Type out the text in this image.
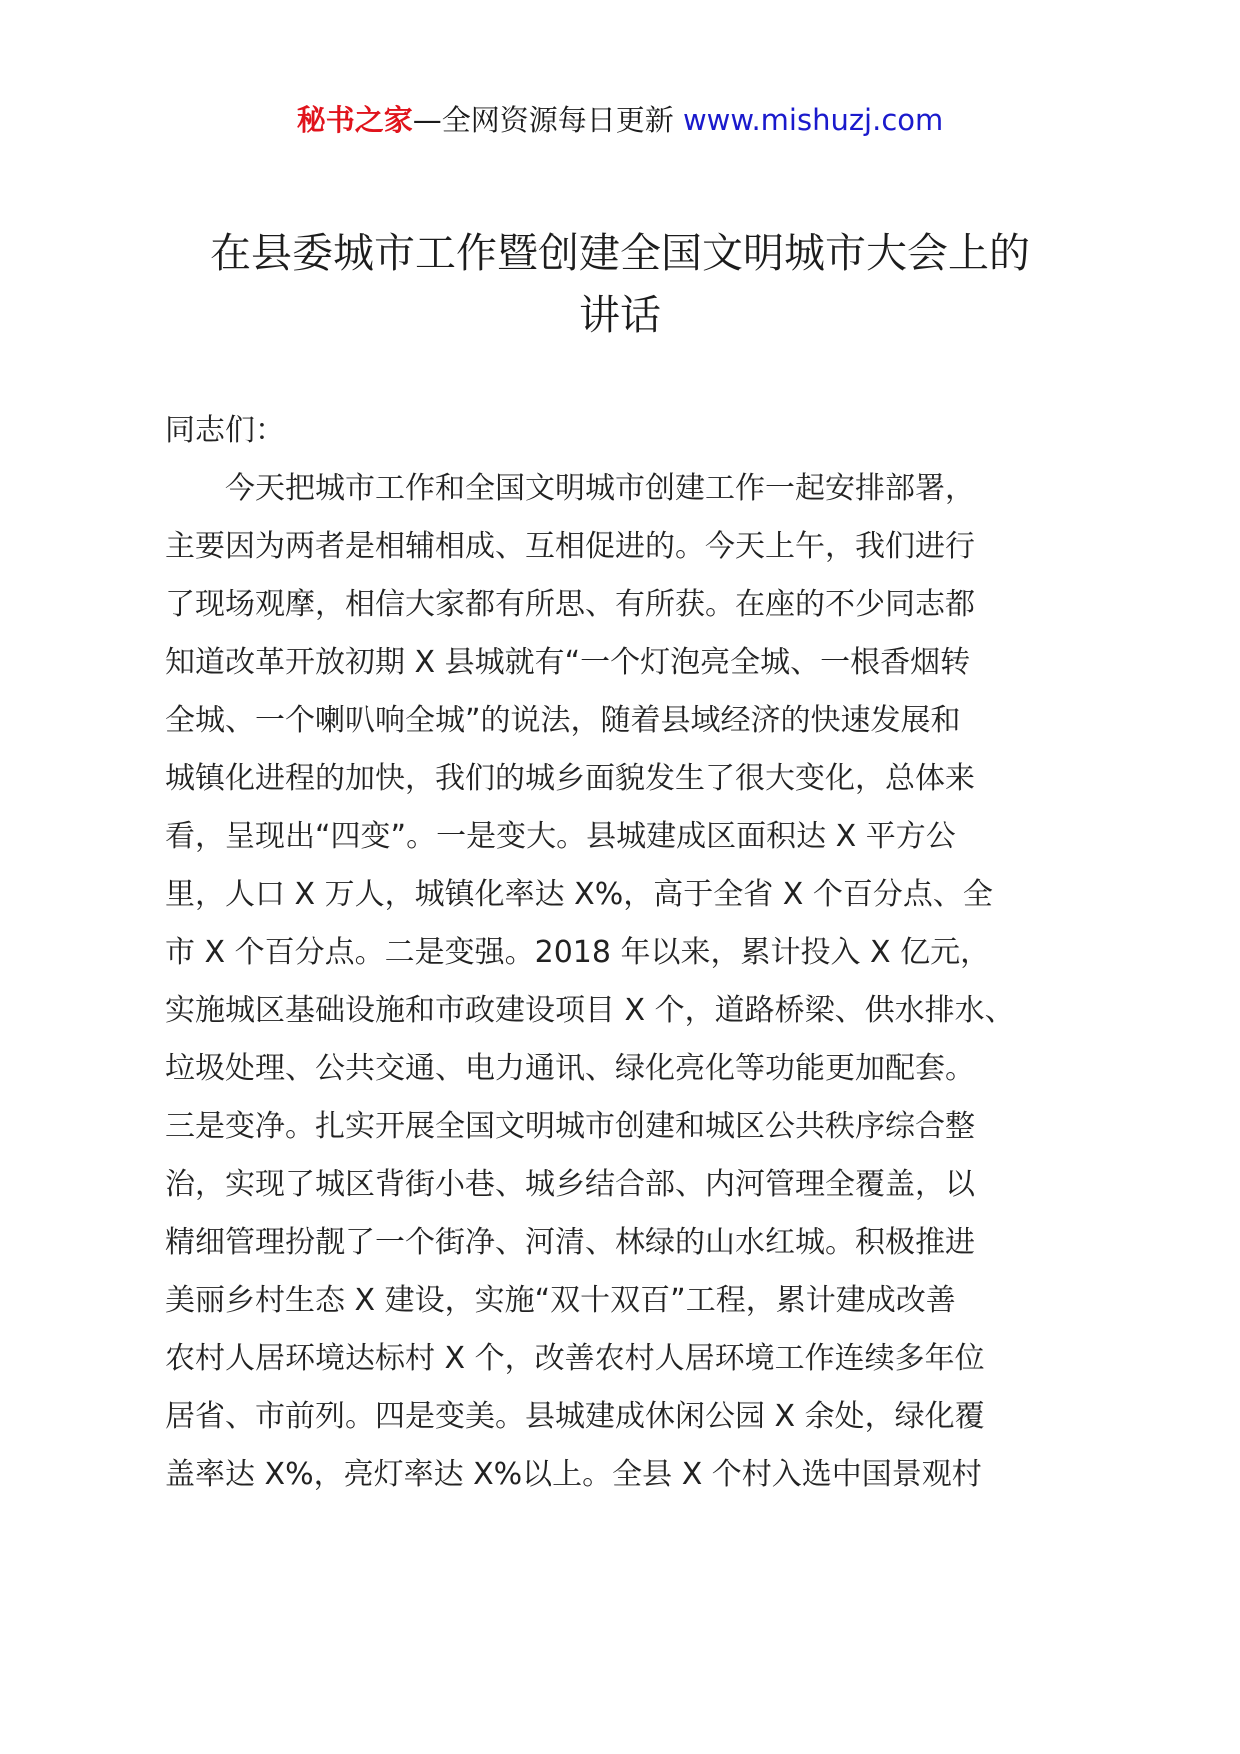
秘书之家—全网资源每日更新 www.mishuzj.com
在县委城市工作暨创建全国文明城市大会上的
讲话

同志们：

　　今天把城市工作和全国文明城市创建工作一起安排部署，
主要因为两者是相辅相成、互相促进的。今天上午，我们进行
了现场观摩，相信大家都有所思、有所获。在座的不少同志都
知道改革开放初期 X 县城就有“一个灯泡亮全城、一根香烟转
全城、一个喇叭响全城”的说法，随着县域经济的快速发展和
城镇化进程的加快，我们的城乡面貌发生了很大变化，总体来
看，呈现出“四变”。一是变大。县城建成区面积达 X 平方公
里，人口 X 万人，城镇化率达 X%，高于全省 X 个百分点、全
市 X 个百分点。二是变强。2018 年以来，累计投入 X 亿元，
实施城区基础设施和市政建设项目 X 个，道路桥梁、供水排水、
垃圾处理、公共交通、电力通讯、绿化亮化等功能更加配套。
三是变净。扎实开展全国文明城市创建和城区公共秩序综合整
治，实现了城区背街小巷、城乡结合部、内河管理全覆盖，以
精细管理扮靓了一个街净、河清、林绿的山水红城。积极推进
美丽乡村生态 X 建设，实施“双十双百”工程，累计建成改善
农村人居环境达标村 X 个，改善农村人居环境工作连续多年位
居省、市前列。四是变美。县城建成休闲公园 X 余处，绿化覆
盖率达 X%，亮灯率达 X%以上。全县 X 个村入选中国景观村
